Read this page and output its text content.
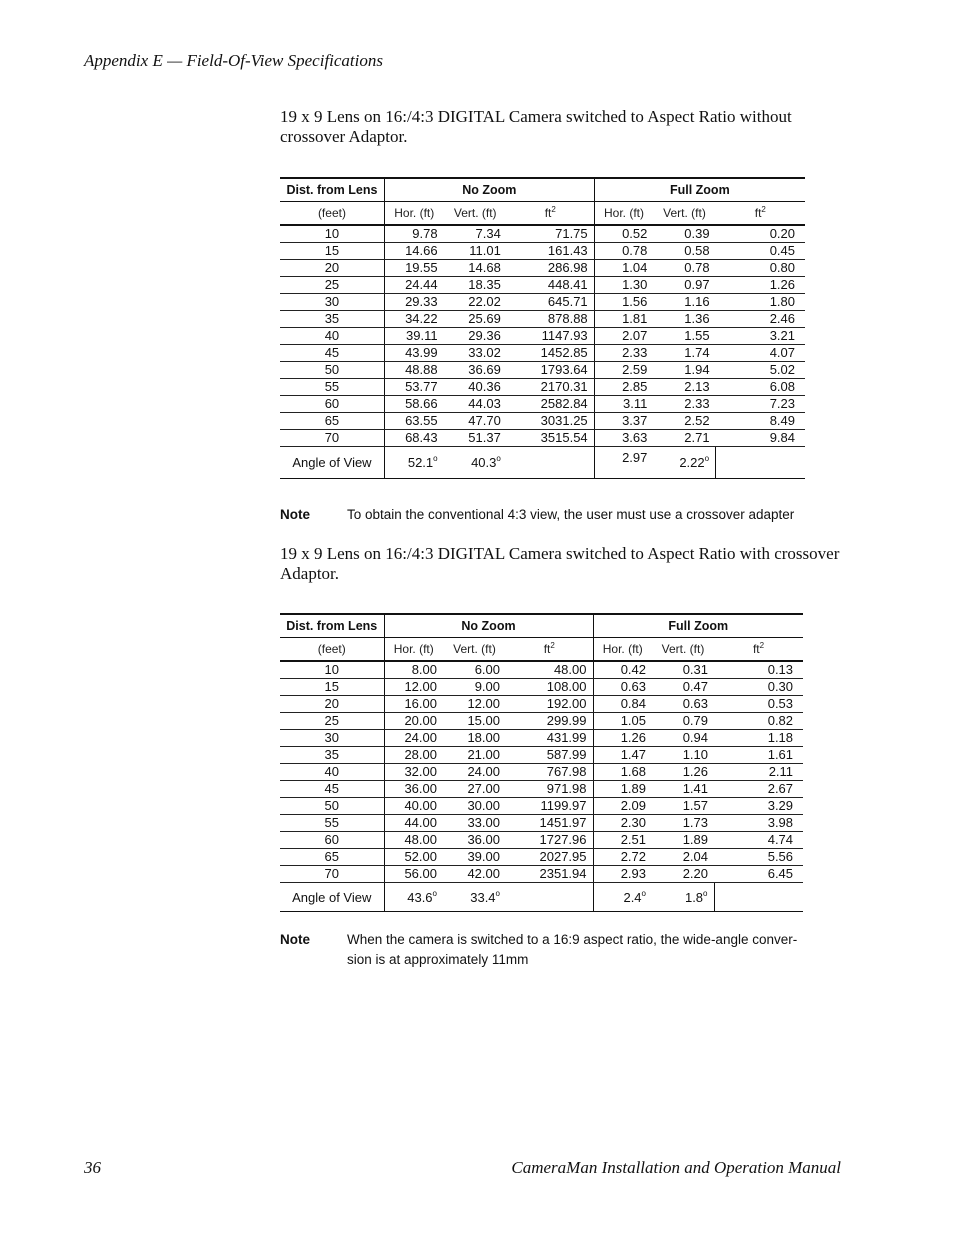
Appendix E — Field-Of-View Specifications
19 x 9 Lens on 16:/4:3 DIGITAL Camera switched to Aspect Ratio without crossover Adaptor.
Dist. from Lens	No Zoom			Full Zoom		
(feet)	Hor. (ft)	Vert. (ft)	$ft^2$	Hor. (ft)	Vert. (ft)	$ft^2$
10	9.78	7.34	71.75	0.52	0.39	0.20
15	14.66	11.01	161.43	0.78	0.58	0.45
20	19.55	14.68	286.98	1.04	0.78	0.80
25	24.44	18.35	448.41	1.30	0.97	1.26
30	29.33	22.02	645.71	1.56	1.16	1.80
35	34.22	25.69	878.88	1.81	1.36	2.46
40	39.11	29.36	1147.93	2.07	1.55	3.21
45	43.99	33.02	1452.85	2.33	1.74	4.07
50	48.88	36.69	1793.64	2.59	1.94	5.02
55	53.77	40.36	2170.31	2.85	2.13	6.08
60	58.66	44.03	2582.84	3.11	2.33	7.23
65	63.55	47.70	3031.25	3.37	2.52	8.49
70	68.43	51.37	3515.54	3.63	2.71	9.84
Angle of View	52.1$^o$	40.3$^o$		2.97	2.22$^o$	
Note	To obtain the conventional 4:3 view, the user must use a crossover adapter
19 x 9 Lens on 16:/4:3 DIGITAL Camera switched to Aspect Ratio with crossover Adaptor.
Dist. from Lens	No Zoom			Full Zoom		
(feet)	Hor. (ft)	Vert. (ft)	$ft^2$	Hor. (ft)	Vert. (ft)	$ft^2$
10	8.00	6.00	48.00	0.42	0.31	0.13
15	12.00	9.00	108.00	0.63	0.47	0.30
20	16.00	12.00	192.00	0.84	0.63	0.53
25	20.00	15.00	299.99	1.05	0.79	0.82
30	24.00	18.00	431.99	1.26	0.94	1.18
35	28.00	21.00	587.99	1.47	1.10	1.61
40	32.00	24.00	767.98	1.68	1.26	2.11
45	36.00	27.00	971.98	1.89	1.41	2.67
50	40.00	30.00	1199.97	2.09	1.57	3.29
55	44.00	33.00	1451.97	2.30	1.73	3.98
60	48.00	36.00	1727.96	2.51	1.89	4.74
65	52.00	39.00	2027.95	2.72	2.04	5.56
70	56.00	42.00	2351.94	2.93	2.20	6.45
Angle of View	43.6$^o$	33.4$^o$		2.4$^o$	1.8$^o$	
Note	When the camera is switched to a 16:9 aspect ratio, the wide-angle conver-sion is at approximately 11mm
36	CameraMan Installation and Operation Manual
